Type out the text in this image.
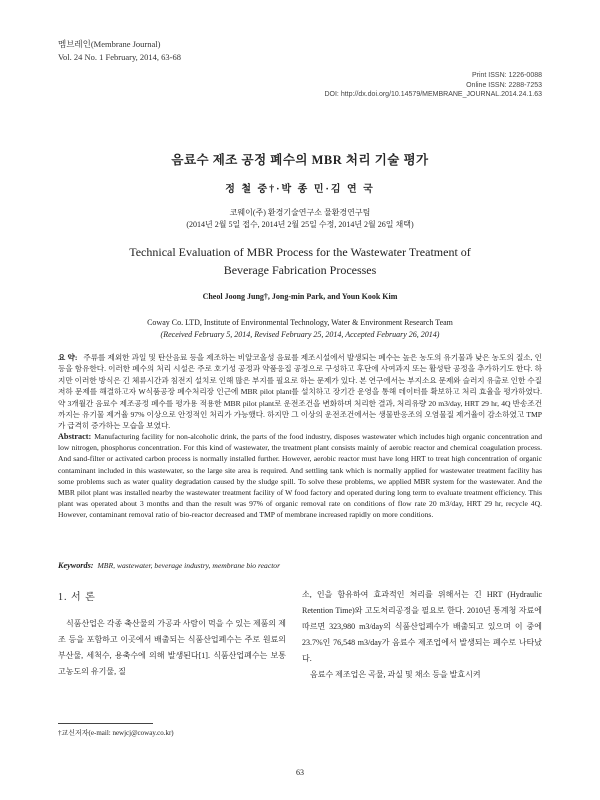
멤브레인(Membrane Journal)
Vol. 24 No. 1 February, 2014, 63-68
Print ISSN: 1226-0088
Online ISSN: 2288-7253
DOI: http://dx.doi.org/10.14579/MEMBRANE_JOURNAL.2014.24.1.63
음료수 제조 공정 폐수의 MBR 처리 기술 평가
정 철 중†·박 종 민·김 연 국
코웨이(주) 환경기술연구소 물환경연구팀
(2014년 2월 5일 접수, 2014년 2월 25일 수정, 2014년 2월 26일 채택)
Technical Evaluation of MBR Process for the Wastewater Treatment of
Beverage Fabrication Processes
Cheol Joong Jung†, Jong-min Park, and Youn Kook Kim
Coway Co. LTD, Institute of Environmental Technology, Water & Environment Research Team
(Received February 5, 2014, Revised February 25, 2014, Accepted February 26, 2014)
요 약: 주류를 제외한 과일 및 탄산음료 등을 제조하는 비알코올성 음료를 제조시설에서 발생되는 폐수는 높은 농도의 유기물과 낮은 농도의 질소, 인 등을 함유한다. 이러한 폐수의 처리 시설은 주로 호기성 공정과 약품응집 공정으로 구성하고 후단에 사여과지 또는 활성탄 공정을 추가하기도 한다. 하지만 이러한 방식은 긴 체류시간과 침전지 설치로 인해 많은 부지를 필요로 하는 문제가 있다. 본 연구에서는 부지소요 문제와 슬러지 유출로 인한 수질저하 문제를 해결하고자 W식품공장 폐수처리장 인근에 MBR pilot plant를 설치하고 장기간 운영을 통해 데이터를 확보하고 처리 효율을 평가하였다. 약 3개월간 음료수 제조공정 폐수를 평가용 적용한 MBR pilot plant로 운전조건을 변화하며 처리한 결과, 처리유량 20 m3/day, HRT 29 hr, 4Q 반송조건까지는 유기물 제거율 97% 이상으로 안정적인 처리가 가능했다. 하지만 그 이상의 운전조건에서는 생물반응조의 오염물질 제거율이 감소하였고 TMP가 급격히 증가하는 모습을 보였다.
Abstract: Manufacturing facility for non-alcoholic drink, the parts of the food industry, disposes wastewater which includes high organic concentration and low nitrogen, phosphorus concentration. For this kind of wastewater, the treatment plant consists mainly of aerobic reactor and chemical coagulation process. And sand-filter or activated carbon process is normally installed further. However, aerobic reactor must have long HRT to treat high concentration of organic contaminant included in this wastewater, so the large site area is required. And settling tank which is normally applied for wastewater treatment facility has some problems such as water quality degradation caused by the sludge spill. To solve these problems, we applied MBR system for the wastewater. And the MBR pilot plant was installed nearby the wastewater treatment facility of W food factory and operated during long term to evaluate treatment efficiency. This plant was operated about 3 months and than the result was 97% of organic removal rate on conditions of flow rate 20 m3/day, HRT 29 hr, recycle 4Q. However, contaminant removal ratio of bio-reactor decreased and TMP of membrane increased rapidly on more conditions.
Keywords: MBR, wastewater, beverage industry, membrane bio reactor
1. 서 론
식품산업은 각종 축산물의 가공과 사람이 먹을 수 있는 제품의 제조 등을 포함하고 이곳에서 배출되는 식품산업폐수는 주로 원료의 부산물, 세척수, 용축수에 의해 발생된다[1]. 식품산업폐수는 보통 고농도의 유기물, 질

소, 인을 함유하여 효과적인 처리를 위해서는 긴 HRT (Hydraulic Retention Time)와 고도처리공정을 필요로 한다. 2010년 통계청 자료에 따르면 323,980 m3/day의 식품산업폐수가 배출되고 있으며 이 중에 23.7%인 76,548 m3/day가 음료수 제조업에서 발생되는 폐수로 나타났다.

음료수 제조업은 곡물, 과실 및 채소 등을 발효시켜

†교신저자(e-mail: newjcj@coway.co.kr)
63
